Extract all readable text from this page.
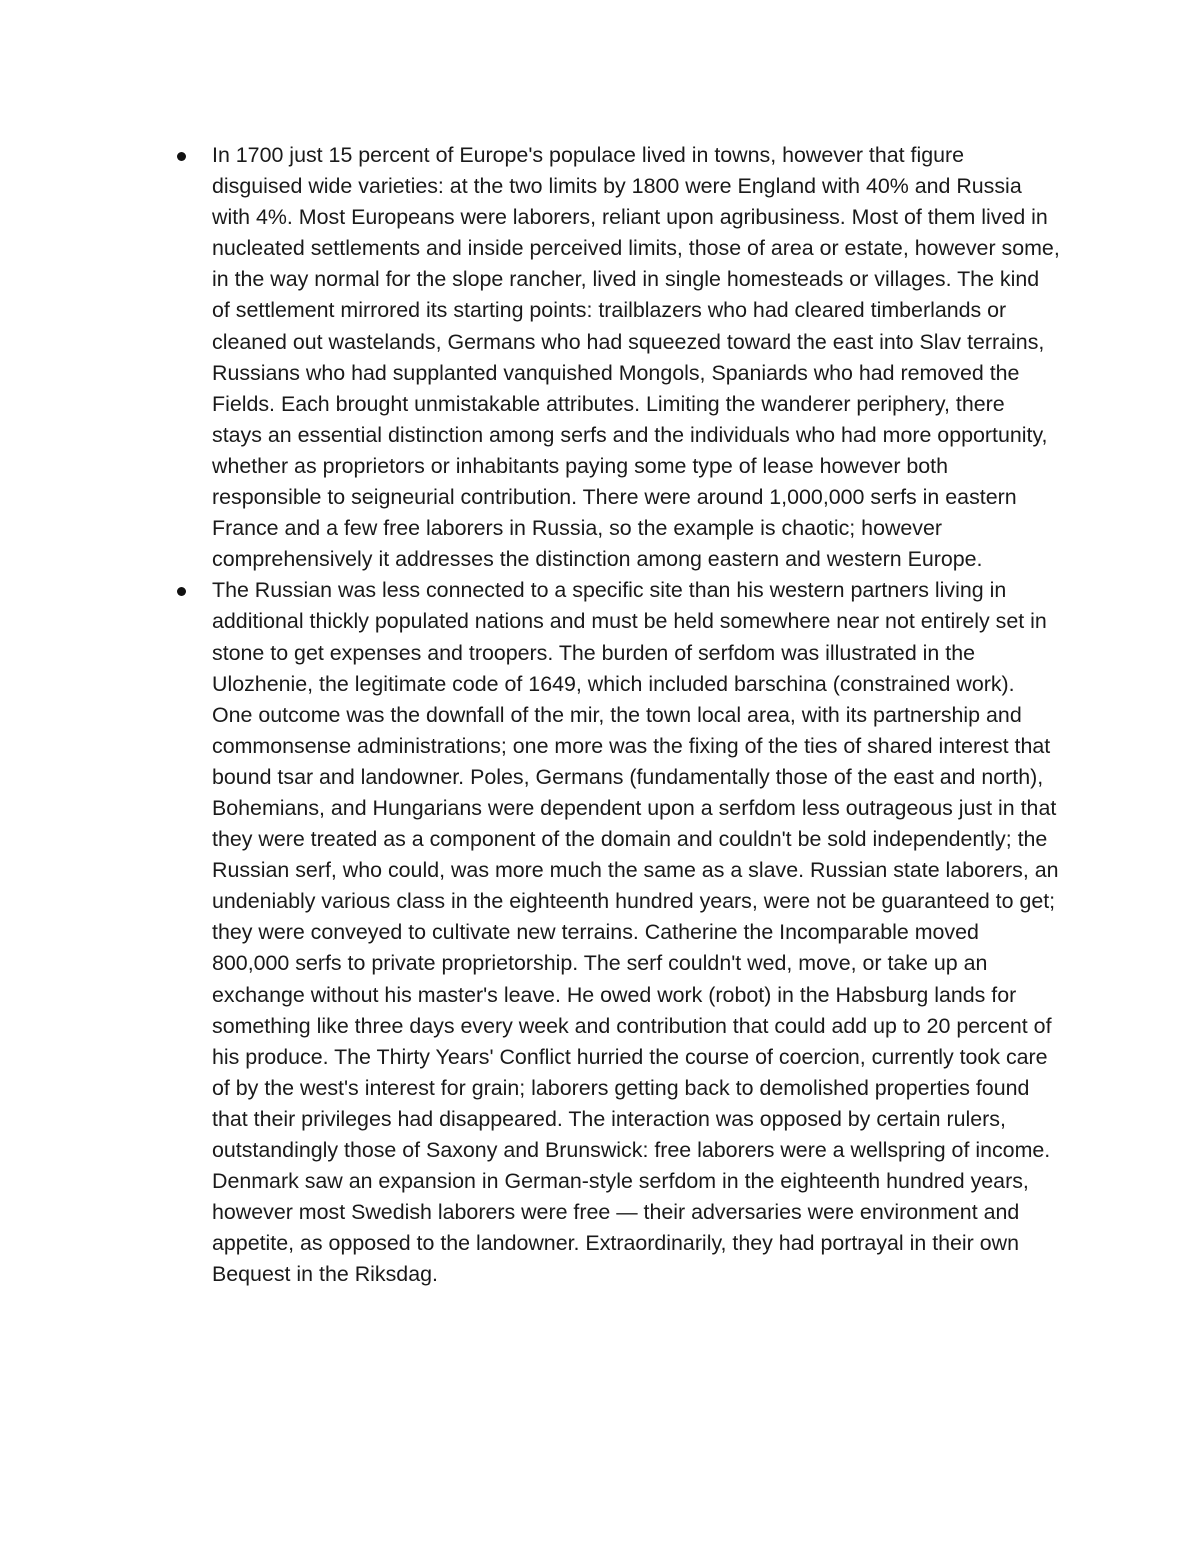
In 1700 just 15 percent of Europe's populace lived in towns, however that figure disguised wide varieties: at the two limits by 1800 were England with 40% and Russia with 4%. Most Europeans were laborers, reliant upon agribusiness. Most of them lived in nucleated settlements and inside perceived limits, those of area or estate, however some, in the way normal for the slope rancher, lived in single homesteads or villages. The kind of settlement mirrored its starting points: trailblazers who had cleared timberlands or cleaned out wastelands, Germans who had squeezed toward the east into Slav terrains, Russians who had supplanted vanquished Mongols, Spaniards who had removed the Fields. Each brought unmistakable attributes. Limiting the wanderer periphery, there stays an essential distinction among serfs and the individuals who had more opportunity, whether as proprietors or inhabitants paying some type of lease however both responsible to seigneurial contribution. There were around 1,000,000 serfs in eastern France and a few free laborers in Russia, so the example is chaotic; however comprehensively it addresses the distinction among eastern and western Europe.
The Russian was less connected to a specific site than his western partners living in additional thickly populated nations and must be held somewhere near not entirely set in stone to get expenses and troopers. The burden of serfdom was illustrated in the Ulozhenie, the legitimate code of 1649, which included barschina (constrained work). One outcome was the downfall of the mir, the town local area, with its partnership and commonsense administrations; one more was the fixing of the ties of shared interest that bound tsar and landowner. Poles, Germans (fundamentally those of the east and north), Bohemians, and Hungarians were dependent upon a serfdom less outrageous just in that they were treated as a component of the domain and couldn't be sold independently; the Russian serf, who could, was more much the same as a slave. Russian state laborers, an undeniably various class in the eighteenth hundred years, were not be guaranteed to get; they were conveyed to cultivate new terrains. Catherine the Incomparable moved 800,000 serfs to private proprietorship. The serf couldn't wed, move, or take up an exchange without his master's leave. He owed work (robot) in the Habsburg lands for something like three days every week and contribution that could add up to 20 percent of his produce. The Thirty Years' Conflict hurried the course of coercion, currently took care of by the west's interest for grain; laborers getting back to demolished properties found that their privileges had disappeared. The interaction was opposed by certain rulers, outstandingly those of Saxony and Brunswick: free laborers were a wellspring of income. Denmark saw an expansion in German-style serfdom in the eighteenth hundred years, however most Swedish laborers were free — their adversaries were environment and appetite, as opposed to the landowner. Extraordinarily, they had portrayal in their own Bequest in the Riksdag.
